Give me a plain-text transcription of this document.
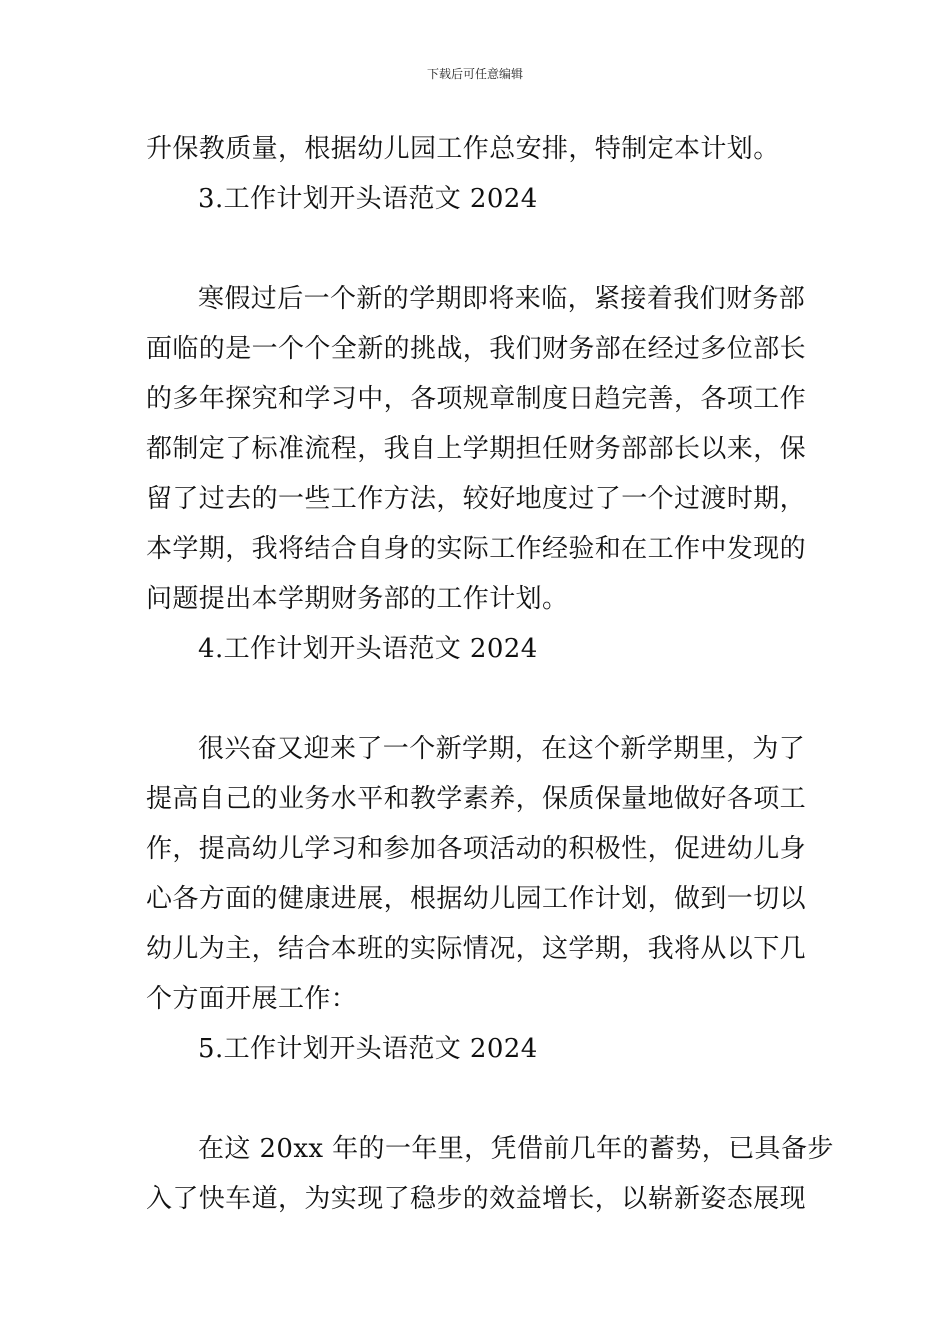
下载后可任意编辑
升保教质量，根据幼儿园工作总安排，特制定本计划。
3.工作计划开头语范文 2024
寒假过后一个新的学期即将来临，紧接着我们财务部
面临的是一个个全新的挑战，我们财务部在经过多位部长
的多年探究和学习中，各项规章制度日趋完善，各项工作
都制定了标准流程，我自上学期担任财务部部长以来，保
留了过去的一些工作方法，较好地度过了一个过渡时期，
本学期，我将结合自身的实际工作经验和在工作中发现的
问题提出本学期财务部的工作计划。
4.工作计划开头语范文 2024
很兴奋又迎来了一个新学期，在这个新学期里，为了
提高自己的业务水平和教学素养，保质保量地做好各项工
作，提高幼儿学习和参加各项活动的积极性，促进幼儿身
心各方面的健康进展，根据幼儿园工作计划，做到一切以
幼儿为主，结合本班的实际情况，这学期，我将从以下几
个方面开展工作：
5.工作计划开头语范文 2024
在这 20xx 年的一年里，凭借前几年的蓄势，已具备步
入了快车道，为实现了稳步的效益增长，以崭新姿态展现
